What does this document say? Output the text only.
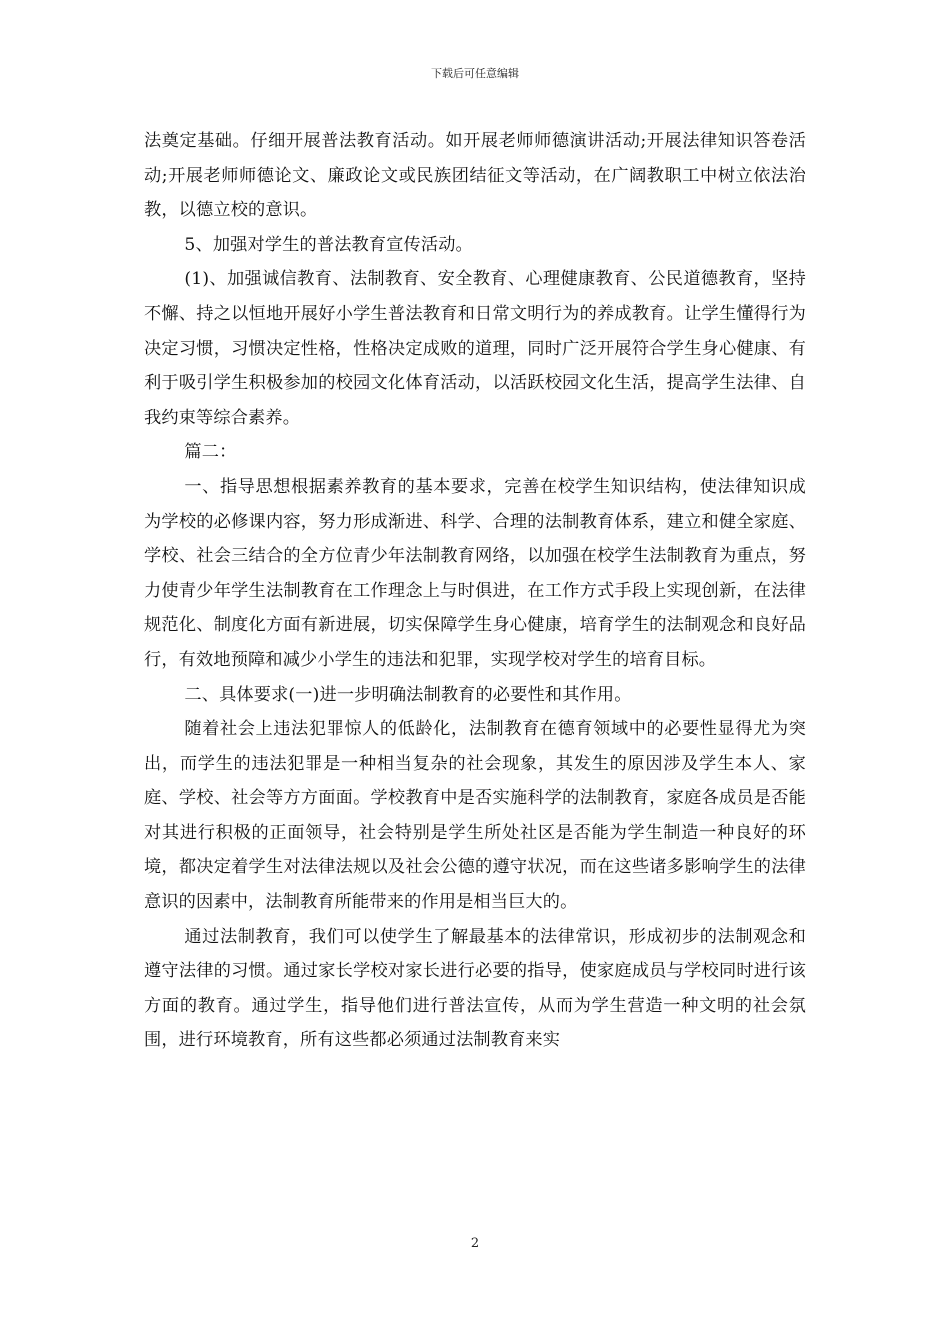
下载后可任意编辑

法奠定基础。仔细开展普法教育活动。如开展老师师德演讲活动;开展法律知识答卷活动;开展老师师德论文、廉政论文或民族团结征文等活动，在广阔教职工中树立依法治教，以德立校的意识。

5、加强对学生的普法教育宣传活动。

(1)、加强诚信教育、法制教育、安全教育、心理健康教育、公民道德教育，坚持不懈、持之以恒地开展好小学生普法教育和日常文明行为的养成教育。让学生懂得行为决定习惯，习惯决定性格，性格决定成败的道理，同时广泛开展符合学生身心健康、有利于吸引学生积极参加的校园文化体育活动，以活跃校园文化生活，提高学生法律、自我约束等综合素养。

篇二：

一、指导思想根据素养教育的基本要求，完善在校学生知识结构，使法律知识成为学校的必修课内容，努力形成渐进、科学、合理的法制教育体系，建立和健全家庭、学校、社会三结合的全方位青少年法制教育网络，以加强在校学生法制教育为重点，努力使青少年学生法制教育在工作理念上与时俱进，在工作方式手段上实现创新，在法律规范化、制度化方面有新进展，切实保障学生身心健康，培育学生的法制观念和良好品行，有效地预障和减少小学生的违法和犯罪，实现学校对学生的培育目标。

二、具体要求(一)进一步明确法制教育的必要性和其作用。

随着社会上违法犯罪惊人的低龄化，法制教育在德育领域中的必要性显得尤为突出，而学生的违法犯罪是一种相当复杂的社会现象，其发生的原因涉及学生本人、家庭、学校、社会等方方面面。学校教育中是否实施科学的法制教育，家庭各成员是否能对其进行积极的正面领导，社会特别是学生所处社区是否能为学生制造一种良好的环境，都决定着学生对法律法规以及社会公德的遵守状况，而在这些诸多影响学生的法律意识的因素中，法制教育所能带来的作用是相当巨大的。

通过法制教育，我们可以使学生了解最基本的法律常识，形成初步的法制观念和遵守法律的习惯。通过家长学校对家长进行必要的指导，使家庭成员与学校同时进行该方面的教育。通过学生，指导他们进行普法宣传，从而为学生营造一种文明的社会氛围，进行环境教育，所有这些都必须通过法制教育来实

2
